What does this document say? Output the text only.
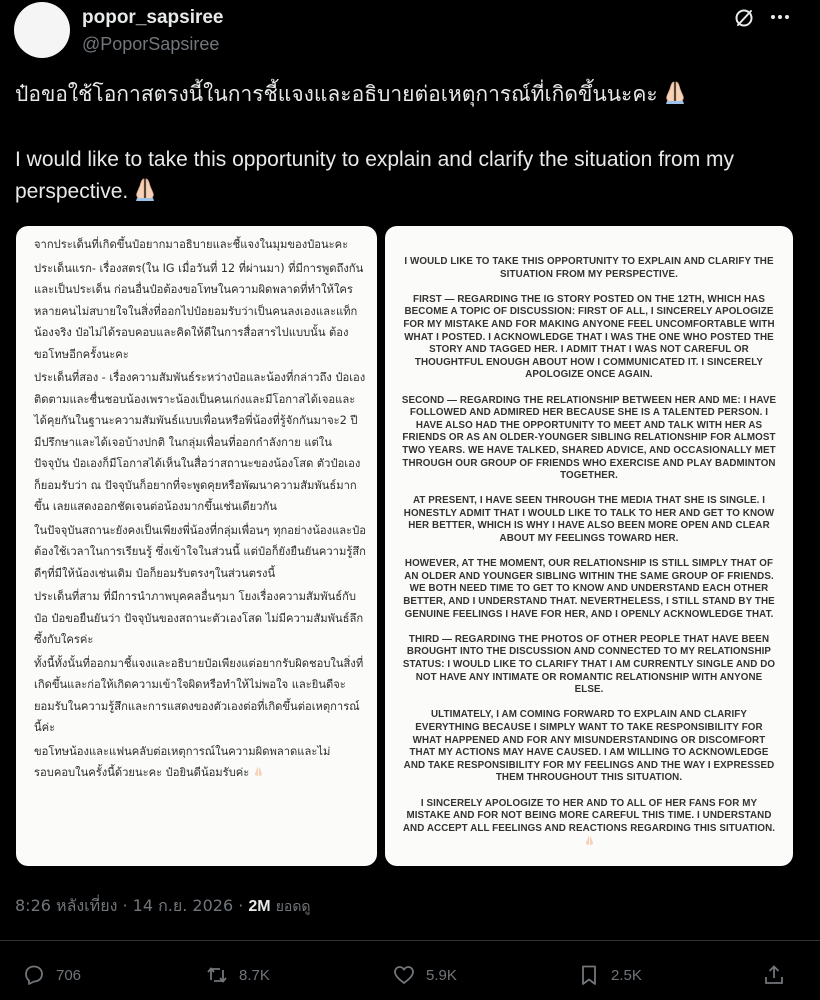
popor_sapsiree
@PoporSapsiree
ป๋อขอใช้โอกาสตรงนี้ในการชี้แจงและอธิบายต่อเหตุการณ์ที่เกิดขึ้นนะคะ
I would like to take this opportunity to explain and clarify the situation from my perspective.

จากประเด็นที่เกิดขึ้นป๋อยากมาอธิบายและชี้แจงในมุมของป๋อนะคะ

ประเด็นแรก- เรื่องสตร(ใน IG เมื่อวันที่ 12 ที่ผ่านมา) ที่มีการพูดถึงกันและเป็นประเด็น ก่อนอื่นป๋อต้องขอโทษในความผิดพลาดที่ทำให้ใครหลายคนไม่สบายใจในสิ่งที่ออกไปป๋อยอมรับว่าเป็นคนลงเองและแท็กน้องจริง ป๋อไม่ได้รอบคอบและคิดให้ดีในการสื่อสารไปแบบนั้น ต้องขอโทษอีกครั้งนะคะ

ประเด็นที่สอง - เรื่องความสัมพันธ์ระหว่างป๋อและน้องที่กล่าวถึง ป๋อเองติดตามและชื่นชอบน้องเพราะน้องเป็นคนเก่งและมีโอกาสได้เจอและได้คุยกันในฐานะความสัมพันธ์แบบเพื่อนหรือพี่น้องที่รู้จักกันมาจะ2 ปี มีปรึกษาและได้เจอบ้างปกติ ในกลุ่มเพื่อนที่ออกกำลังกาย แต่ในปัจจุบัน ป๋อเองก็มีโอกาสได้เห็นในสื่อว่าสถานะของน้องโสด ตัวป๋อเองก็ยอมรับว่า ณ ปัจจุบันก็อยากที่จะพูดคุยหรือพัฒนาความสัมพันธ์มากขึ้น เลยแสดงออกชัดเจนต่อน้องมากขึ้นเช่นเดียวกัน

ในปัจจุบันสถานะยังคงเป็นเพียงพี่น้องที่กลุ่มเพื่อนๆ ทุกอย่างน้องและป๋อต้องใช้เวลาในการเรียนรู้ ซึ่งเข้าใจในส่วนนี้ แต่ป๋อก็ยังยืนยันความรู้สึกดีๆที่มีให้น้องเช่นเดิม ป๋อก็ยอมรับตรงๆในส่วนตรงนี้

ประเด็นที่สาม ที่มีการนำภาพบุคคลอื่นๆมา โยงเรื่องความสัมพันธ์กับป๋อ ป๋อขอยืนยันว่า ปัจจุบันของสถานะตัวเองโสด ไม่มีความสัมพันธ์ลึกซึ้งกับใครค่ะ

ทั้งนี้ทั้งนั้นที่ออกมาชี้แจงและอธิบายป๋อเพียงแต่อยากรับผิดชอบในสิ่งที่เกิดขึ้นและก่อให้เกิดความเข้าใจผิดหรือทำให้ไม่พอใจ และยินดีจะยอมรับในความรู้สึกและการแสดงของตัวเองต่อที่เกิดขึ้นต่อเหตุการณ์นี้ค่ะ

ขอโทษน้องและแฟนคลับต่อเหตุการณ์ในความผิดพลาดและไม่รอบคอบในครั้งนี้ด้วยนะคะ ป๋อยินดีน้อมรับค่ะ

I WOULD LIKE TO TAKE THIS OPPORTUNITY TO EXPLAIN AND CLARIFY THE SITUATION FROM MY PERSPECTIVE.

FIRST — REGARDING THE IG STORY POSTED ON THE 12TH, WHICH HAS BECOME A TOPIC OF DISCUSSION: FIRST OF ALL, I SINCERELY APOLOGIZE FOR MY MISTAKE AND FOR MAKING ANYONE FEEL UNCOMFORTABLE WITH WHAT I POSTED. I ACKNOWLEDGE THAT I WAS THE ONE WHO POSTED THE STORY AND TAGGED HER. I ADMIT THAT I WAS NOT CAREFUL OR THOUGHTFUL ENOUGH ABOUT HOW I COMMUNICATED IT. I SINCERELY APOLOGIZE ONCE AGAIN.

SECOND — REGARDING THE RELATIONSHIP BETWEEN HER AND ME: I HAVE FOLLOWED AND ADMIRED HER BECAUSE SHE IS A TALENTED PERSON. I HAVE ALSO HAD THE OPPORTUNITY TO MEET AND TALK WITH HER AS FRIENDS OR AS AN OLDER-YOUNGER SIBLING RELATIONSHIP FOR ALMOST TWO YEARS. WE HAVE TALKED, SHARED ADVICE, AND OCCASIONALLY MET THROUGH OUR GROUP OF FRIENDS WHO EXERCISE AND PLAY BADMINTON TOGETHER.

AT PRESENT, I HAVE SEEN THROUGH THE MEDIA THAT SHE IS SINGLE. I HONESTLY ADMIT THAT I WOULD LIKE TO TALK TO HER AND GET TO KNOW HER BETTER, WHICH IS WHY I HAVE ALSO BEEN MORE OPEN AND CLEAR ABOUT MY FEELINGS TOWARD HER.

HOWEVER, AT THE MOMENT, OUR RELATIONSHIP IS STILL SIMPLY THAT OF AN OLDER AND YOUNGER SIBLING WITHIN THE SAME GROUP OF FRIENDS. WE BOTH NEED TIME TO GET TO KNOW AND UNDERSTAND EACH OTHER BETTER, AND I UNDERSTAND THAT. NEVERTHELESS, I STILL STAND BY THE GENUINE FEELINGS I HAVE FOR HER, AND I OPENLY ACKNOWLEDGE THAT.

THIRD — REGARDING THE PHOTOS OF OTHER PEOPLE THAT HAVE BEEN BROUGHT INTO THE DISCUSSION AND CONNECTED TO MY RELATIONSHIP STATUS: I WOULD LIKE TO CLARIFY THAT I AM CURRENTLY SINGLE AND DO NOT HAVE ANY INTIMATE OR ROMANTIC RELATIONSHIP WITH ANYONE ELSE.

ULTIMATELY, I AM COMING FORWARD TO EXPLAIN AND CLARIFY EVERYTHING BECAUSE I SIMPLY WANT TO TAKE RESPONSIBILITY FOR WHAT HAPPENED AND FOR ANY MISUNDERSTANDING OR DISCOMFORT THAT MY ACTIONS MAY HAVE CAUSED. I AM WILLING TO ACKNOWLEDGE AND TAKE RESPONSIBILITY FOR MY FEELINGS AND THE WAY I EXPRESSED THEM THROUGHOUT THIS SITUATION.

I SINCERELY APOLOGIZE TO HER AND TO ALL OF HER FANS FOR MY MISTAKE AND FOR NOT BEING MORE CAREFUL THIS TIME. I UNDERSTAND AND ACCEPT ALL FEELINGS AND REACTIONS REGARDING THIS SITUATION.

8:26 หลังเที่ยง · 14 ก.ย. 2026 · 2M ยอดดู
706	8.7K	5.9K	2.5K
